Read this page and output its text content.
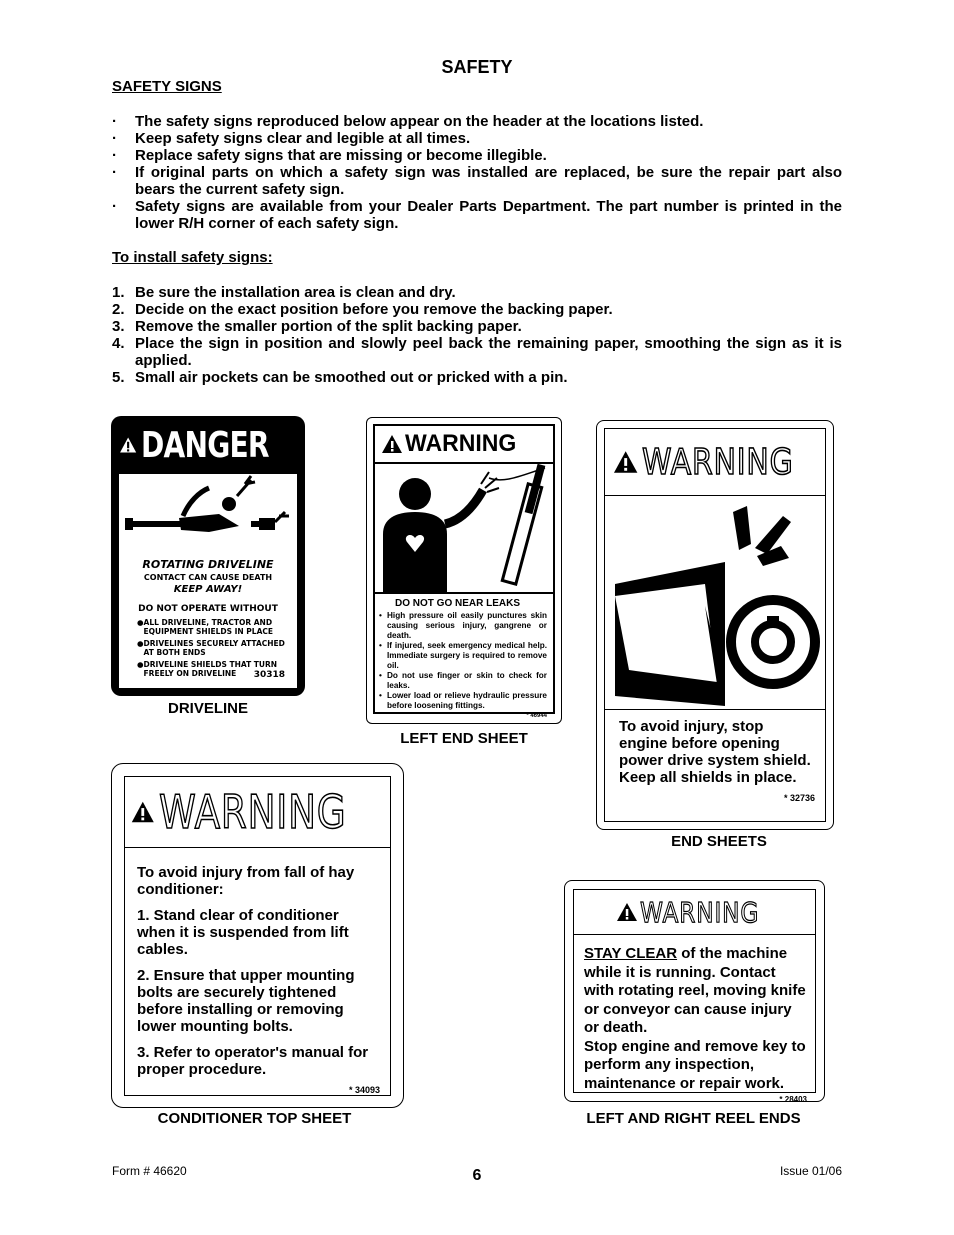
SAFETY
SAFETY SIGNS
·	The safety signs reproduced below appear on the header at the locations listed.
·	Keep safety signs clear and legible at all times.
·	Replace safety signs that are missing or become illegible.
·	If original parts on which a safety sign was installed are replaced, be sure the repair part also bears the current safety sign.
·	Safety signs are available from your Dealer Parts Department. The part number is printed in the lower R/H corner of each safety sign.
To install safety signs:
1. Be sure the installation area is clean and dry.
2. Decide on the exact position before you remove the backing paper.
3. Remove the smaller portion of the split backing paper.
4. Place the sign in position and slowly peel back the remaining paper, smoothing the sign as it is applied.
5. Small air pockets can be smoothed out or pricked with a pin.
DANGER
ROTATING DRIVELINE
CONTACT CAN CAUSE DEATH
KEEP AWAY!
DO NOT OPERATE WITHOUT
● ALL DRIVELINE, TRACTOR AND EQUIPMENT SHIELDS IN PLACE
● DRIVELINES SECURELY ATTACHED AT BOTH ENDS
● DRIVELINE SHIELDS THAT TURN FREELY ON DRIVELINE	30318
DRIVELINE
WARNING
DO NOT GO NEAR LEAKS
• High pressure oil easily punctures skin causing serious injury, gangrene or death.
• If injured, seek emergency medical help. Immediate surgery is required to remove oil.
• Do not use finger or skin to check for leaks.
• Lower load or relieve hydraulic pressure before loosening fittings.
* 46944
LEFT END SHEET
WARNING
To avoid injury, stop engine before opening power drive system shield.
Keep all shields in place.
* 32736
END SHEETS
WARNING
To avoid injury from fall of hay conditioner:
1. Stand clear of conditioner when it is suspended from lift cables.
2. Ensure that upper mounting bolts are securely tightened before installing or removing lower mounting bolts.
3. Refer to operator's manual for proper procedure.
* 34093
CONDITIONER TOP SHEET
WARNING
STAY CLEAR of the machine while it is running. Contact with rotating reel, moving knife or conveyor can cause injury or death.
Stop engine and remove key to perform any inspection, maintenance or repair work.
* 28403
LEFT AND RIGHT REEL ENDS
Form # 46620	6	Issue 01/06
